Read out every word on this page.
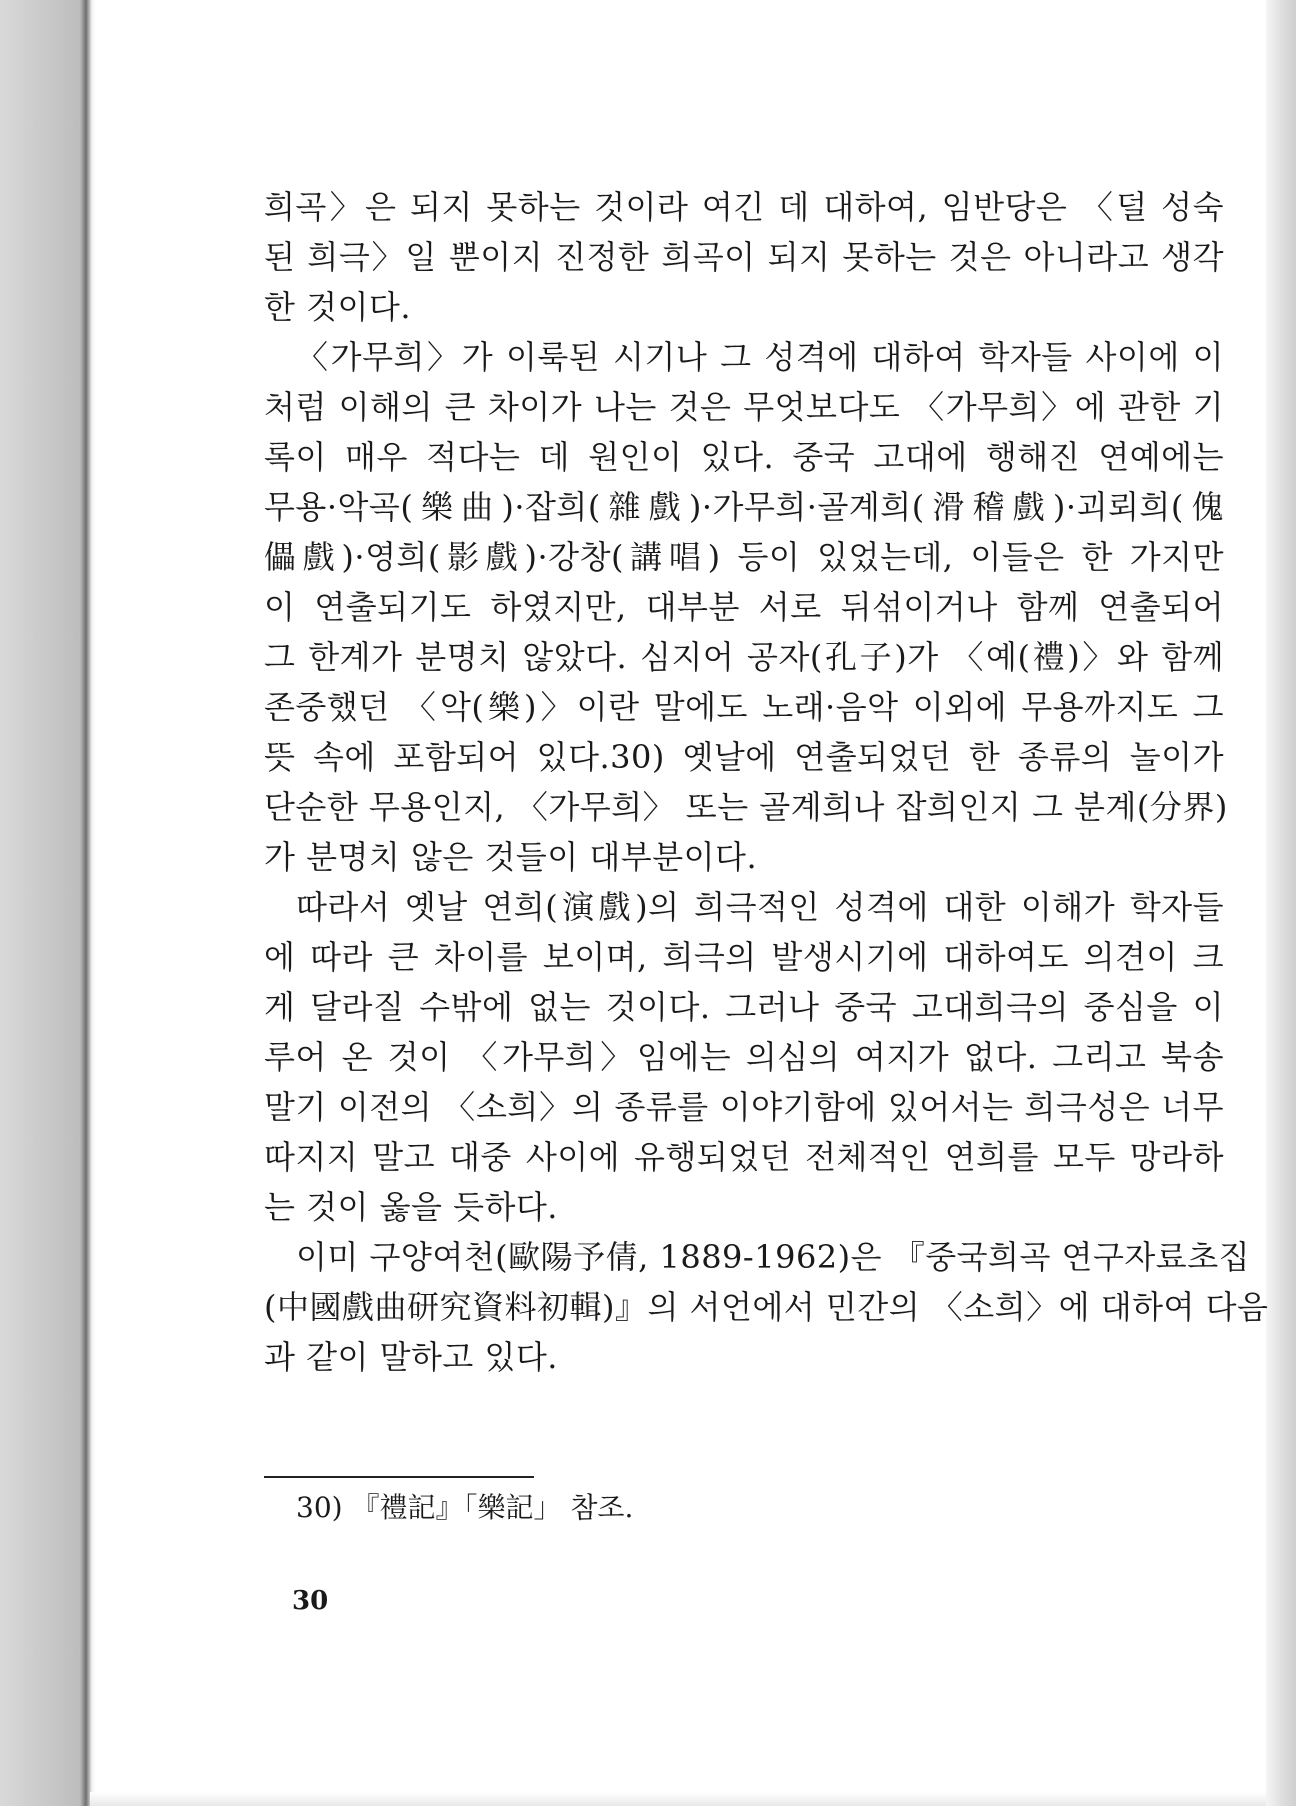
희곡〉은 되지 못하는 것이라 여긴 데 대하여, 임반당은 〈덜 성숙
된 희극〉일 뿐이지 진정한 희곡이 되지 못하는 것은 아니라고 생각
한 것이다.
〈가무희〉가 이룩된 시기나 그 성격에 대하여 학자들 사이에 이
처럼 이해의 큰 차이가 나는 것은 무엇보다도 〈가무희〉에 관한 기
록이 매우 적다는 데 원인이 있다. 중국 고대에 행해진 연예에는
무용·악곡(樂曲)·잡희(雜戲)·가무희·골계희(滑稽戲)·괴뢰희(傀
儡戲)·영희(影戲)·강창(講唱) 등이 있었는데, 이들은 한 가지만
이 연출되기도 하였지만, 대부분 서로 뒤섞이거나 함께 연출되어
그 한계가 분명치 않았다. 심지어 공자(孔子)가 〈예(禮)〉와 함께
존중했던 〈악(樂)〉이란 말에도 노래·음악 이외에 무용까지도 그
뜻 속에 포함되어 있다.30) 옛날에 연출되었던 한 종류의 놀이가
단순한 무용인지, 〈가무희〉 또는 골계희나 잡희인지 그 분계(分界)
가 분명치 않은 것들이 대부분이다.
따라서 옛날 연희(演戲)의 희극적인 성격에 대한 이해가 학자들
에 따라 큰 차이를 보이며, 희극의 발생시기에 대하여도 의견이 크
게 달라질 수밖에 없는 것이다. 그러나 중국 고대희극의 중심을 이
루어 온 것이 〈가무희〉임에는 의심의 여지가 없다. 그리고 북송
말기 이전의 〈소희〉의 종류를 이야기함에 있어서는 희극성은 너무
따지지 말고 대중 사이에 유행되었던 전체적인 연희를 모두 망라하
는 것이 옳을 듯하다.
이미 구양여천(歐陽予倩, 1889-1962)은 『중국희곡 연구자료초집
(中國戲曲研究資料初輯)』의 서언에서 민간의 〈소희〉에 대하여 다음
과 같이 말하고 있다.
30) 『禮記』「樂記」 참조.
30
